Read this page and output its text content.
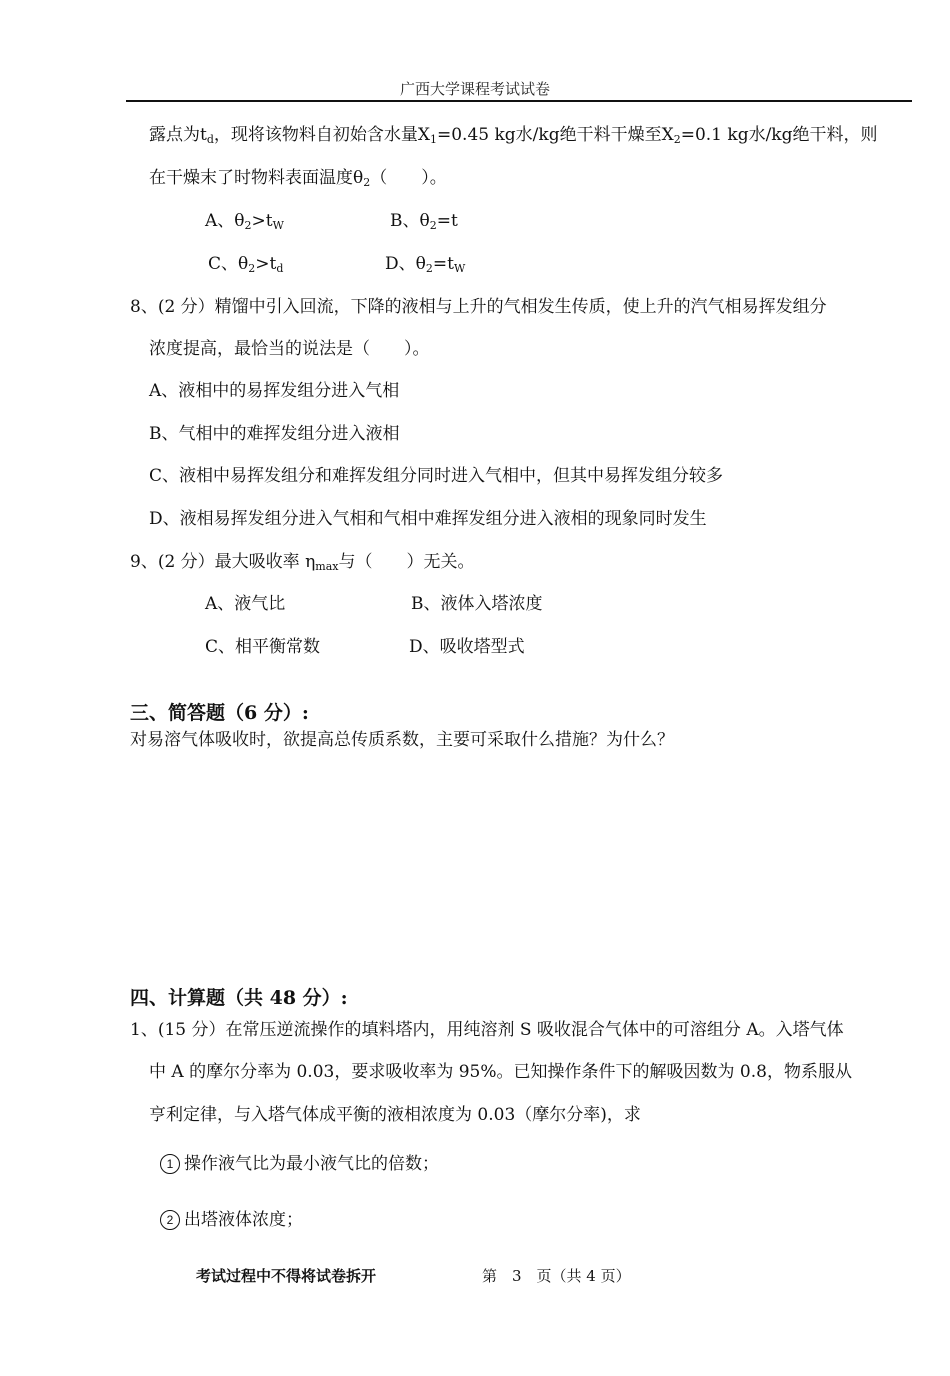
广西大学课程考试试卷
露点为$t_d$，现将该物料自初始含水量$X_1=0.45$ kg水/kg绝干料干燥至$X_2=0.1$ kg水/kg绝干料，则
在干燥末了时物料表面温度$\theta_2$（　　）。
A、$\theta_2>t_W$	B、$\theta_2=t$
C、$\theta_2>t_d$	D、$\theta_2=t_W$
8、(2 分）精馏中引入回流，下降的液相与上升的气相发生传质，使上升的汽气相易挥发组分
浓度提高，最恰当的说法是（　　）。
A、液相中的易挥发组分进入气相
B、气相中的难挥发组分进入液相
C、液相中易挥发组分和难挥发组分同时进入气相中，但其中易挥发组分较多
D、液相易挥发组分进入气相和气相中难挥发组分进入液相的现象同时发生
9、(2 分）最大吸收率 $\eta_{max}$与（　　）无关。
A、液气比	B、液体入塔浓度
C、相平衡常数	D、吸收塔型式
三、简答题（6 分）:
对易溶气体吸收时，欲提高总传质系数，主要可采取什么措施？为什么？
四、计算题（共 48 分）:
1、(15 分）在常压逆流操作的填料塔内，用纯溶剂 S 吸收混合气体中的可溶组分 A。入塔气体
中 A 的摩尔分率为 0.03，要求吸收率为 95%。已知操作条件下的解吸因数为 0.8，物系服从
亨利定律，与入塔气体成平衡的液相浓度为 0.03（摩尔分率)，求
1 操作液气比为最小液气比的倍数；
2 出塔液体浓度；
考试过程中不得将试卷拆开	第　3　页（共 4 页）
